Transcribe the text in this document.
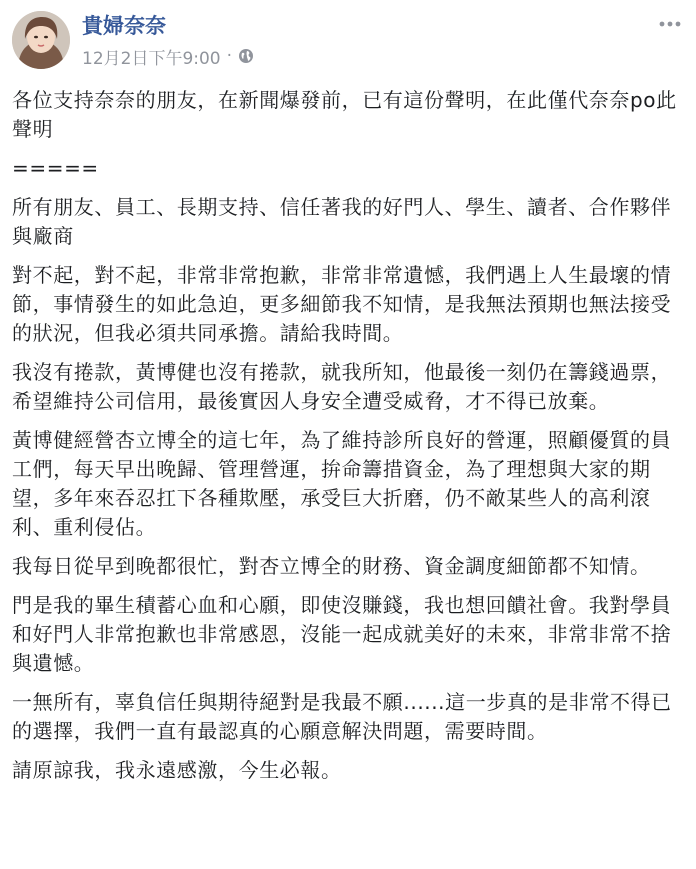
貴婦奈奈
12月2日下午9:00 ·

各位支持奈奈的朋友，在新聞爆發前，已有這份聲明，在此僅代奈奈po此聲明

=====

所有朋友、員工、長期支持、信任著我的好門人、學生、讀者、合作夥伴與廠商

對不起，對不起，非常非常抱歉，非常非常遺憾，我們遇上人生最壞的情節，事情發生的如此急迫，更多細節我不知情，是我無法預期也無法接受的狀況，但我必須共同承擔。請給我時間。

我沒有捲款，黃博健也沒有捲款，就我所知，他最後一刻仍在籌錢過票，希望維持公司信用，最後實因人身安全遭受威脅，才不得已放棄。

黃博健經營杏立博全的這七年，為了維持診所良好的營運，照顧優質的員工們，每天早出晚歸、管理營運，拚命籌措資金，為了理想與大家的期望，多年來吞忍扛下各種欺壓，承受巨大折磨，仍不敵某些人的高利滾利、重利侵佔。

我每日從早到晚都很忙，對杏立博全的財務、資金調度細節都不知情。

門是我的畢生積蓄心血和心願，即使沒賺錢，我也想回饋社會。我對學員和好門人非常抱歉也非常感恩，沒能一起成就美好的未來，非常非常不捨與遺憾。

一無所有，辜負信任與期待絕對是我最不願......這一步真的是非常不得已的選擇，我們一直有最認真的心願意解決問題，需要時間。

請原諒我，我永遠感激，今生必報。
